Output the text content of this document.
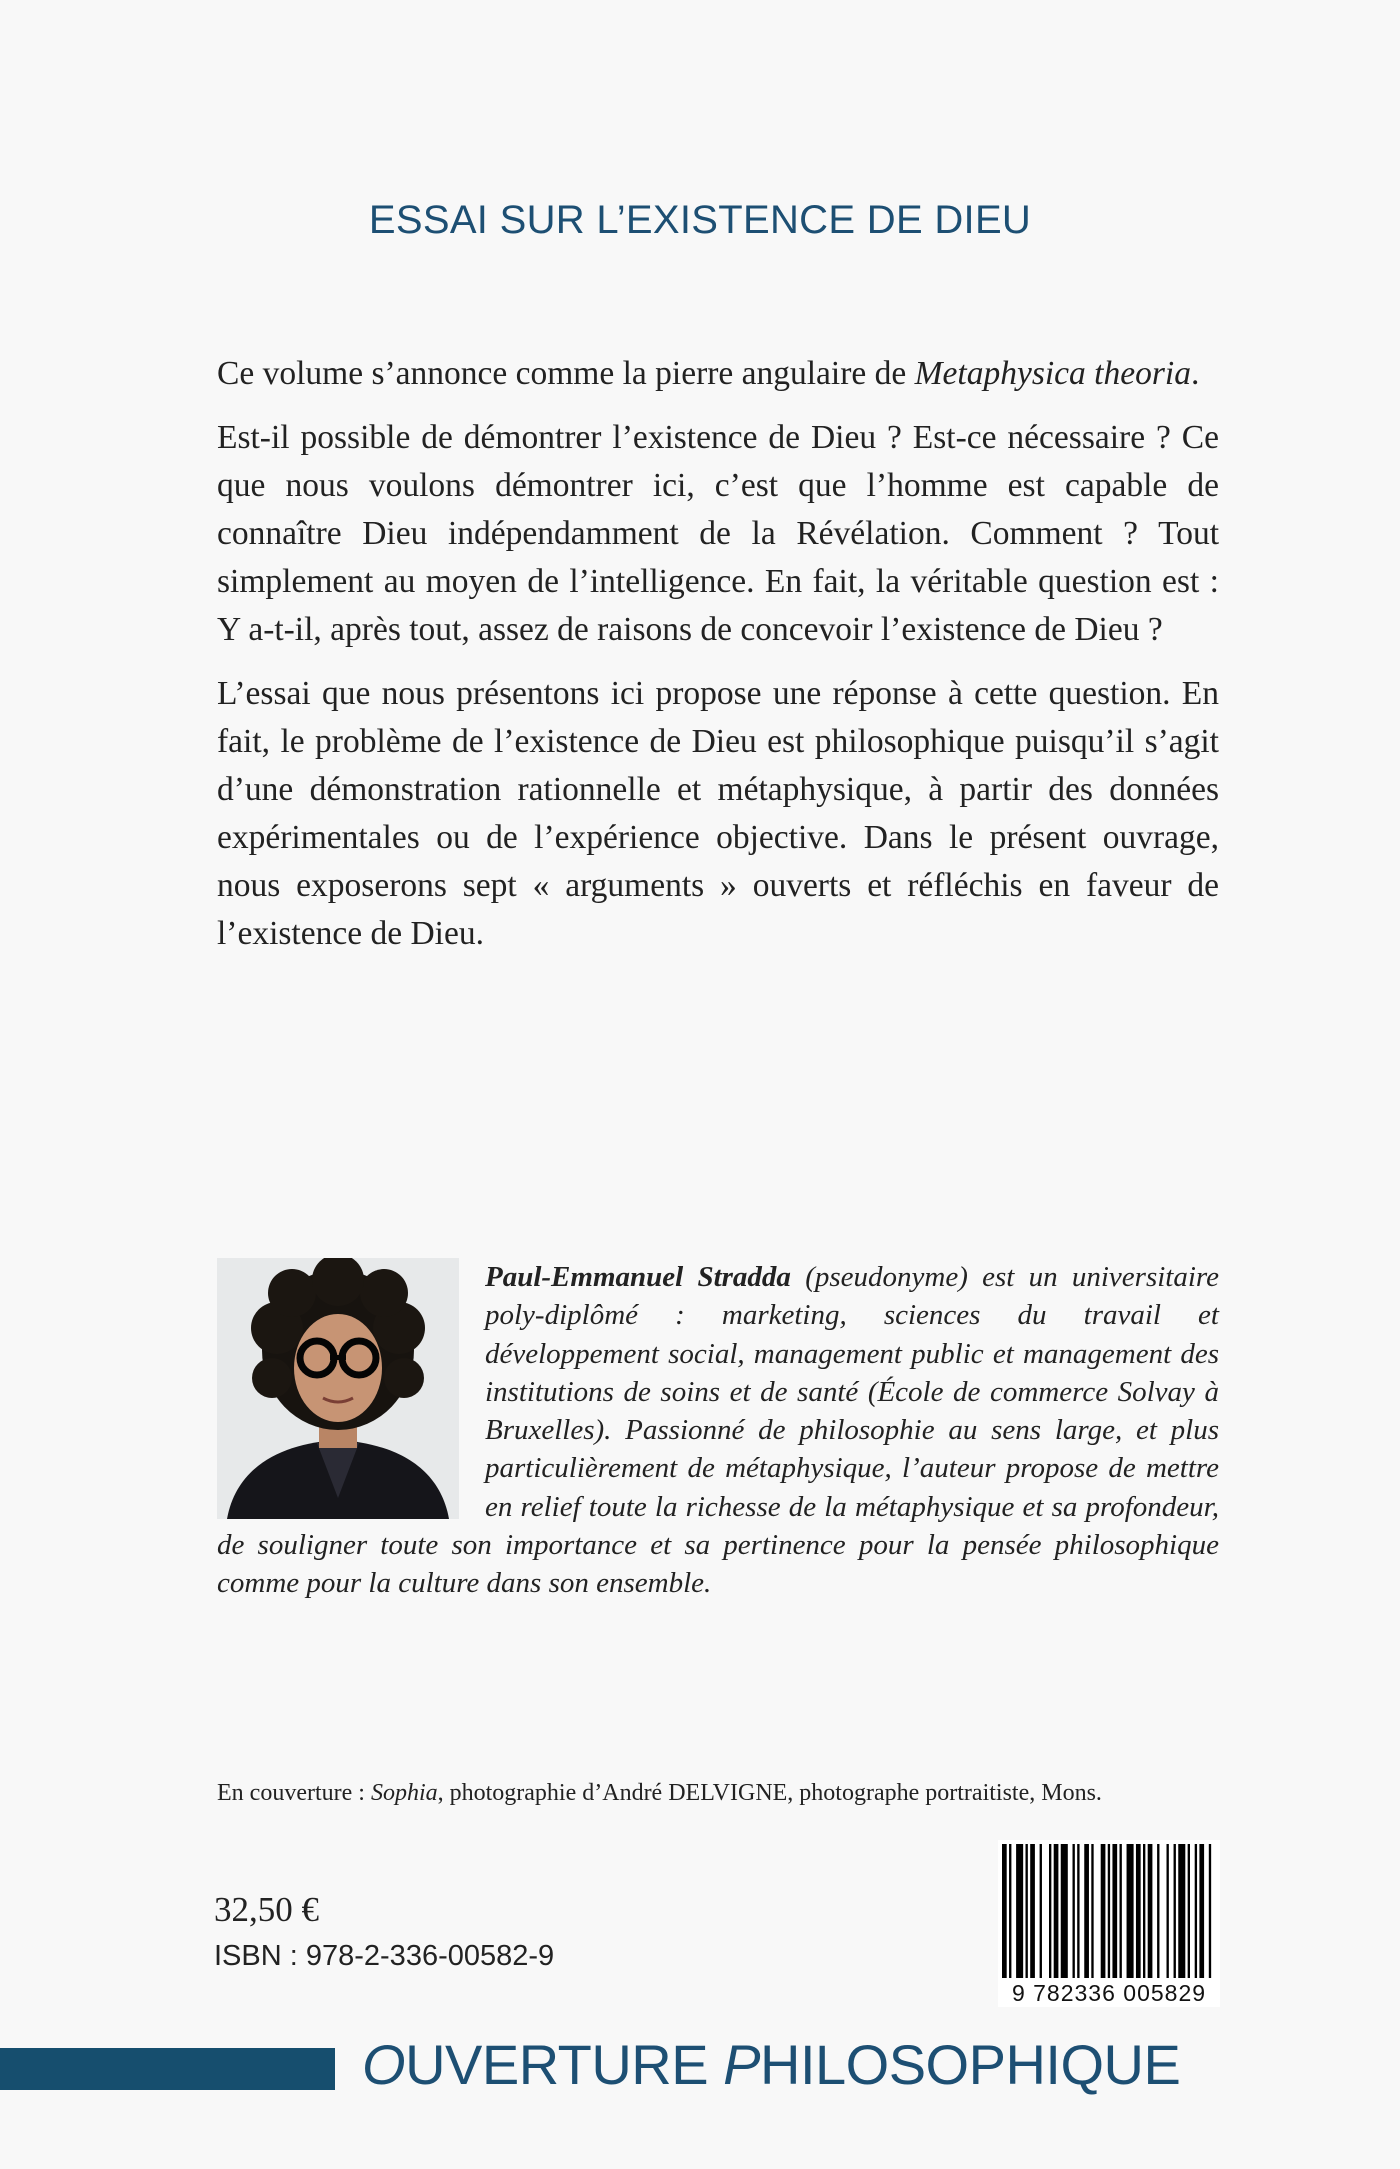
ESSAI SUR L’EXISTENCE DE DIEU

Ce volume s’annonce comme la pierre angulaire de Metaphysica theoria.

Est-il possible de démontrer l’existence de Dieu ? Est-ce nécessaire ? Ce que nous voulons démontrer ici, c’est que l’homme est capable de connaître Dieu indépendamment de la Révélation. Comment ? Tout simplement au moyen de l’intelligence. En fait, la véritable question est : Y a-t-il, après tout, assez de raisons de concevoir l’existence de Dieu ?

L’essai que nous présentons ici propose une réponse à cette question. En fait, le problème de l’existence de Dieu est philosophique puisqu’il s’agit d’une démonstration rationnelle et métaphysique, à partir des données expérimentales ou de l’expérience objective. Dans le présent ouvrage, nous exposerons sept « arguments » ouverts et réfléchis en faveur de l’existence de Dieu.

Paul-Emmanuel Stradda (pseudonyme) est un universitaire poly-diplômé : marketing, sciences du travail et développement social, management public et management des institutions de soins et de santé (École de commerce Solvay à Bruxelles). Passionné de philosophie au sens large, et plus particulièrement de métaphysique, l’auteur propose de mettre en relief toute la richesse de la métaphysique et sa profondeur, de souligner toute son importance et sa pertinence pour la pensée philosophique comme pour la culture dans son ensemble.
En couverture : Sophia, photographie d’André DELVIGNE, photographe portraitiste, Mons.
32,50 €
ISBN : 978-2-336-00582-9
9 782336 005829
OUVERTURE PHILOSOPHIQUE
